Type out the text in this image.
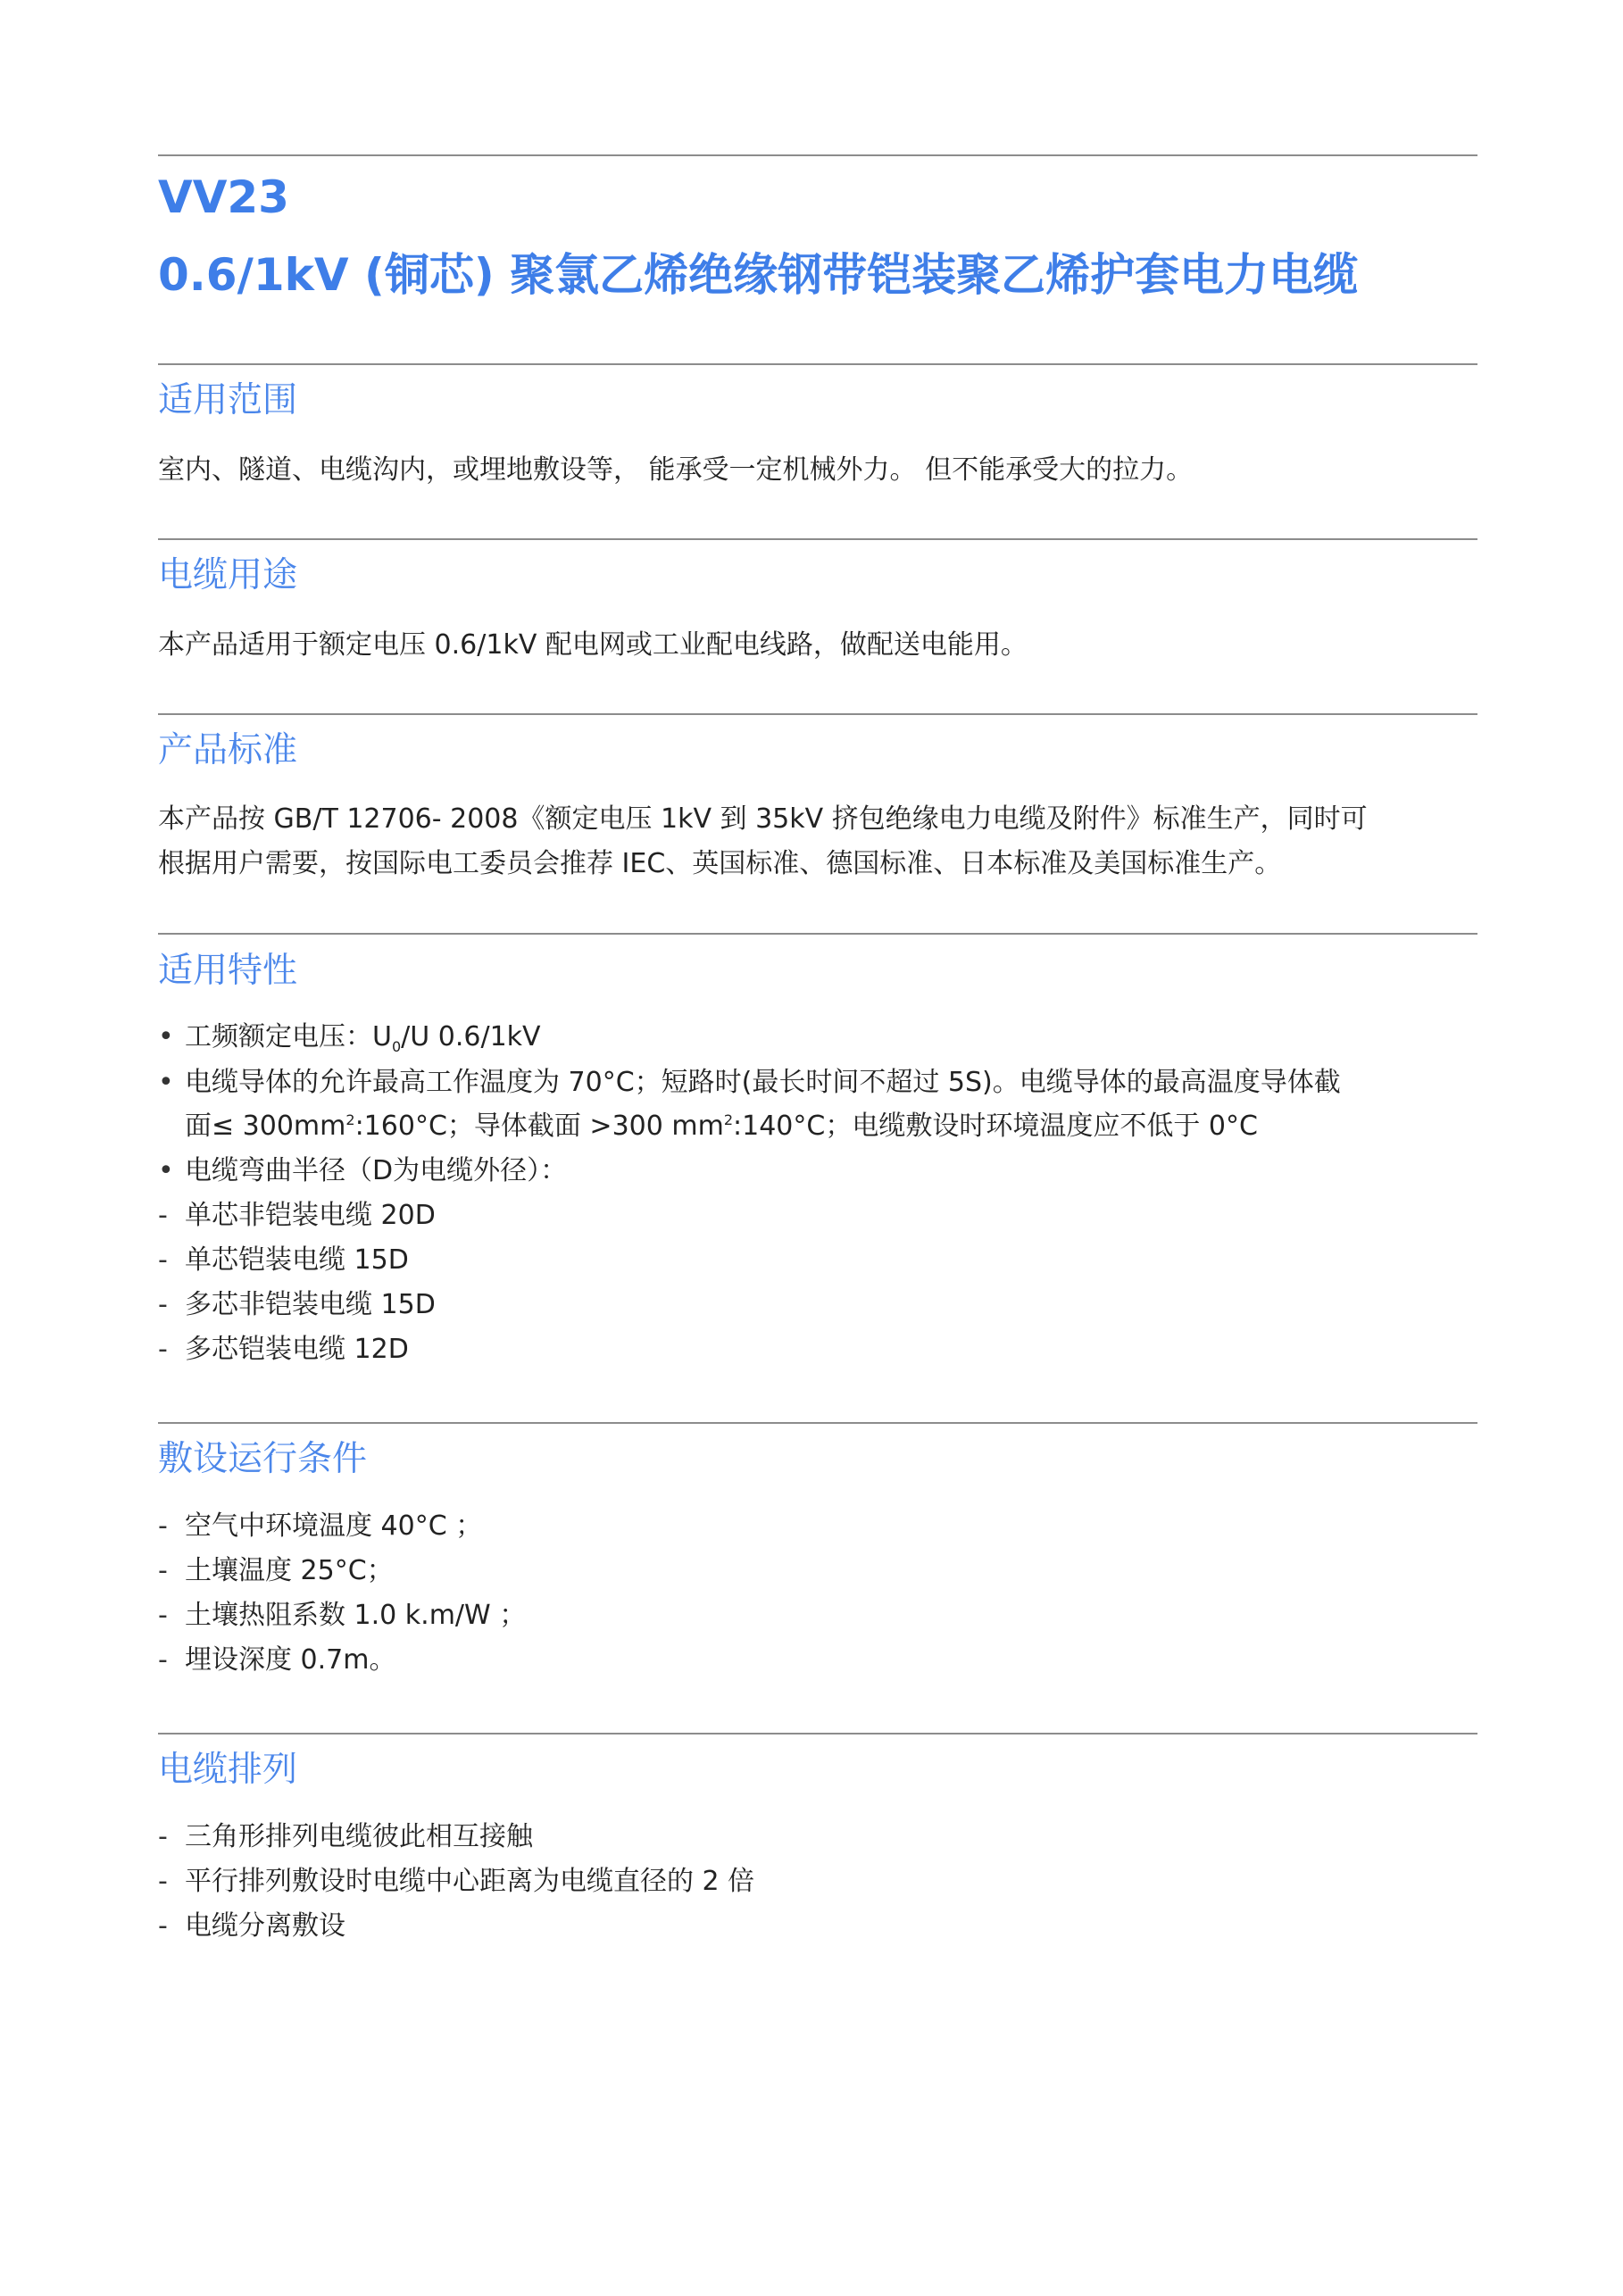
VV23
0.6/1kV (铜芯) 聚氯乙烯绝缘钢带铠装聚乙烯护套电力电缆
适用范围

室内、隧道、电缆沟内，或埋地敷设等， 能承受一定机械外力。 但不能承受大的拉力。

电缆用途

本产品适用于额定电压 0.6/1kV 配电网或工业配电线路，做配送电能用。

产品标准

本产品按 GB/T 12706- 2008《额定电压 1kV 到 35kV 挤包绝缘电力电缆及附件》标准生产，同时可
根据用户需要，按国际电工委员会推荐 IEC、英国标准、德国标准、日本标准及美国标准生产。

适用特性
• 工频额定电压：$U_0/U$ 0.6/1kV
• 电缆导体的允许最高工作温度为 70°C；短路时(最长时间不超过 5S)。电缆导体的最高温度导体截
面≤ $300mm^2:160^\circ C$；导体截面 >300 $mm^2:140^\circ C$；电缆敷设时环境温度应不低于 0°C
• 电缆弯曲半径（D为电缆外径）：
- 单芯非铠装电缆 20D
- 单芯铠装电缆 15D
- 多芯非铠装电缆 15D
- 多芯铠装电缆 12D
敷设运行条件
- 空气中环境温度 40°C ；
- 土壤温度 25°C；
- 土壤热阻系数 1.0 k.m/W ；
- 埋设深度 0.7m。
电缆排列
- 三角形排列电缆彼此相互接触
- 平行排列敷设时电缆中心距离为电缆直径的 2 倍
- 电缆分离敷设
